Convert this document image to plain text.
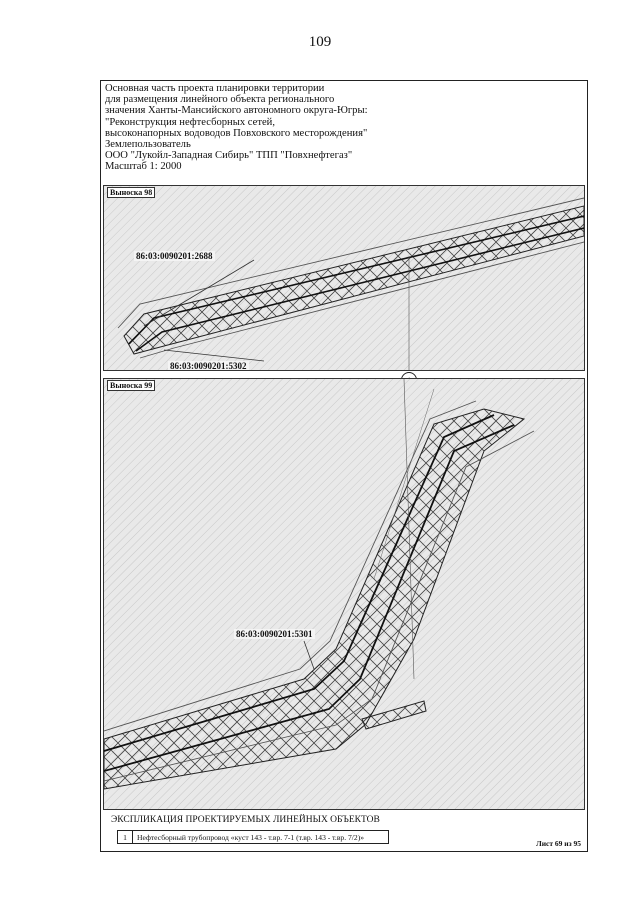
109
Основная часть проекта планировки территории
для размещения линейного объекта регионального
значения Ханты-Мансийского автономного округа-Югры:
"Реконструкция нефтесборных сетей,
высоконапорных водоводов Повховского месторождения"
Землепользователь
ООО "Лукойл-Западная Сибирь" ТПП "Повхнефтегаз"
Масштаб 1: 2000
Выноска 98
86:03:0090201:2688
86:03:0090201:5302
Выноска 99
86:03:0090201:5301
ЭКСПЛИКАЦИЯ ПРОЕКТИРУЕМЫХ ЛИНЕЙНЫХ ОБЪЕКТОВ
1	Нефтесборный трубопровод «куст 143 - т.вр. 7-1 (т.вр. 143 - т.вр. 7/2)»
Лист 69 из 95
